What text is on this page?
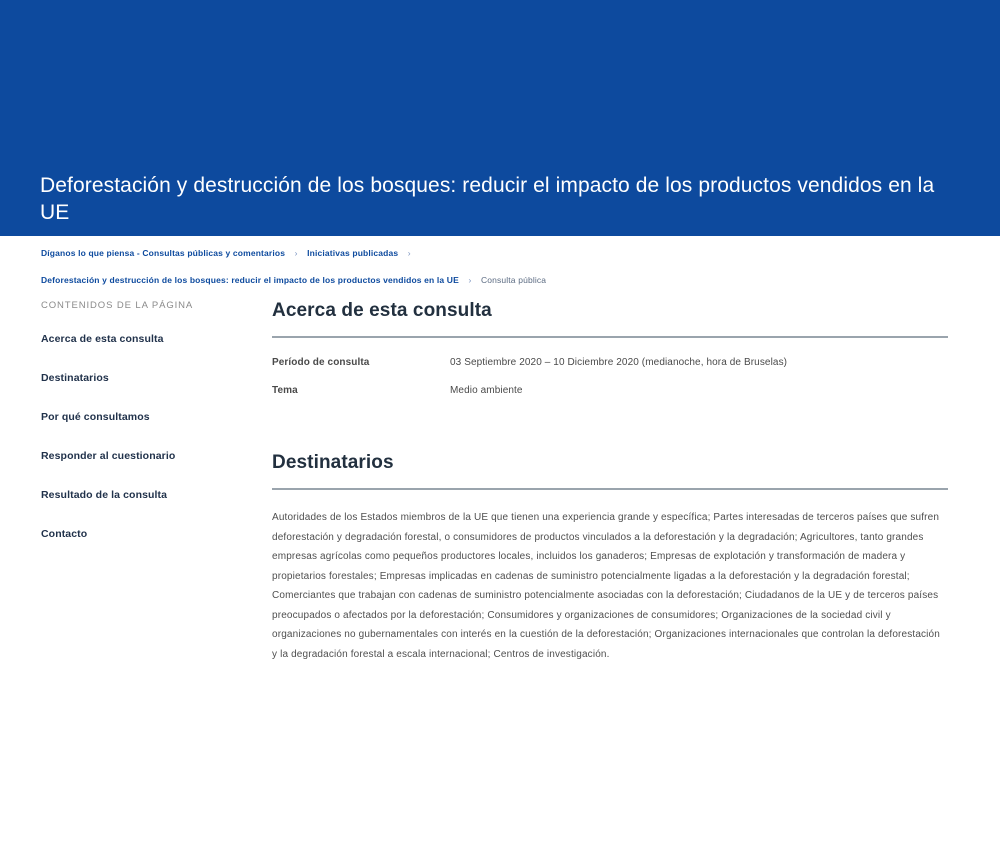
Deforestación y destrucción de los bosques: reducir el impacto de los productos vendidos en la UE
Díganos lo que piensa - Consultas públicas y comentarios › Iniciativas publicadas ›
Deforestación y destrucción de los bosques: reducir el impacto de los productos vendidos en la UE › Consulta pública
CONTENIDOS DE LA PÁGINA
Acerca de esta consulta
Destinatarios
Por qué consultamos
Responder al cuestionario
Resultado de la consulta
Contacto
Acerca de esta consulta
Período de consulta	03 Septiembre 2020 – 10 Diciembre 2020 (medianoche, hora de Bruselas)
Tema	Medio ambiente
Destinatarios

Autoridades de los Estados miembros de la UE que tienen una experiencia grande y específica; Partes interesadas de terceros países que sufren deforestación y degradación forestal, o consumidores de productos vinculados a la deforestación y la degradación; Agricultores, tanto grandes empresas agrícolas como pequeños productores locales, incluidos los ganaderos; Empresas de explotación y transformación de madera y propietarios forestales; Empresas implicadas en cadenas de suministro potencialmente ligadas a la deforestación y la degradación forestal; Comerciantes que trabajan con cadenas de suministro potencialmente asociadas con la deforestación; Ciudadanos de la UE y de terceros países preocupados o afectados por la deforestación; Consumidores y organizaciones de consumidores; Organizaciones de la sociedad civil y organizaciones no gubernamentales con interés en la cuestión de la deforestación; Organizaciones internacionales que controlan la deforestación y la degradación forestal a escala internacional; Centros de investigación.
